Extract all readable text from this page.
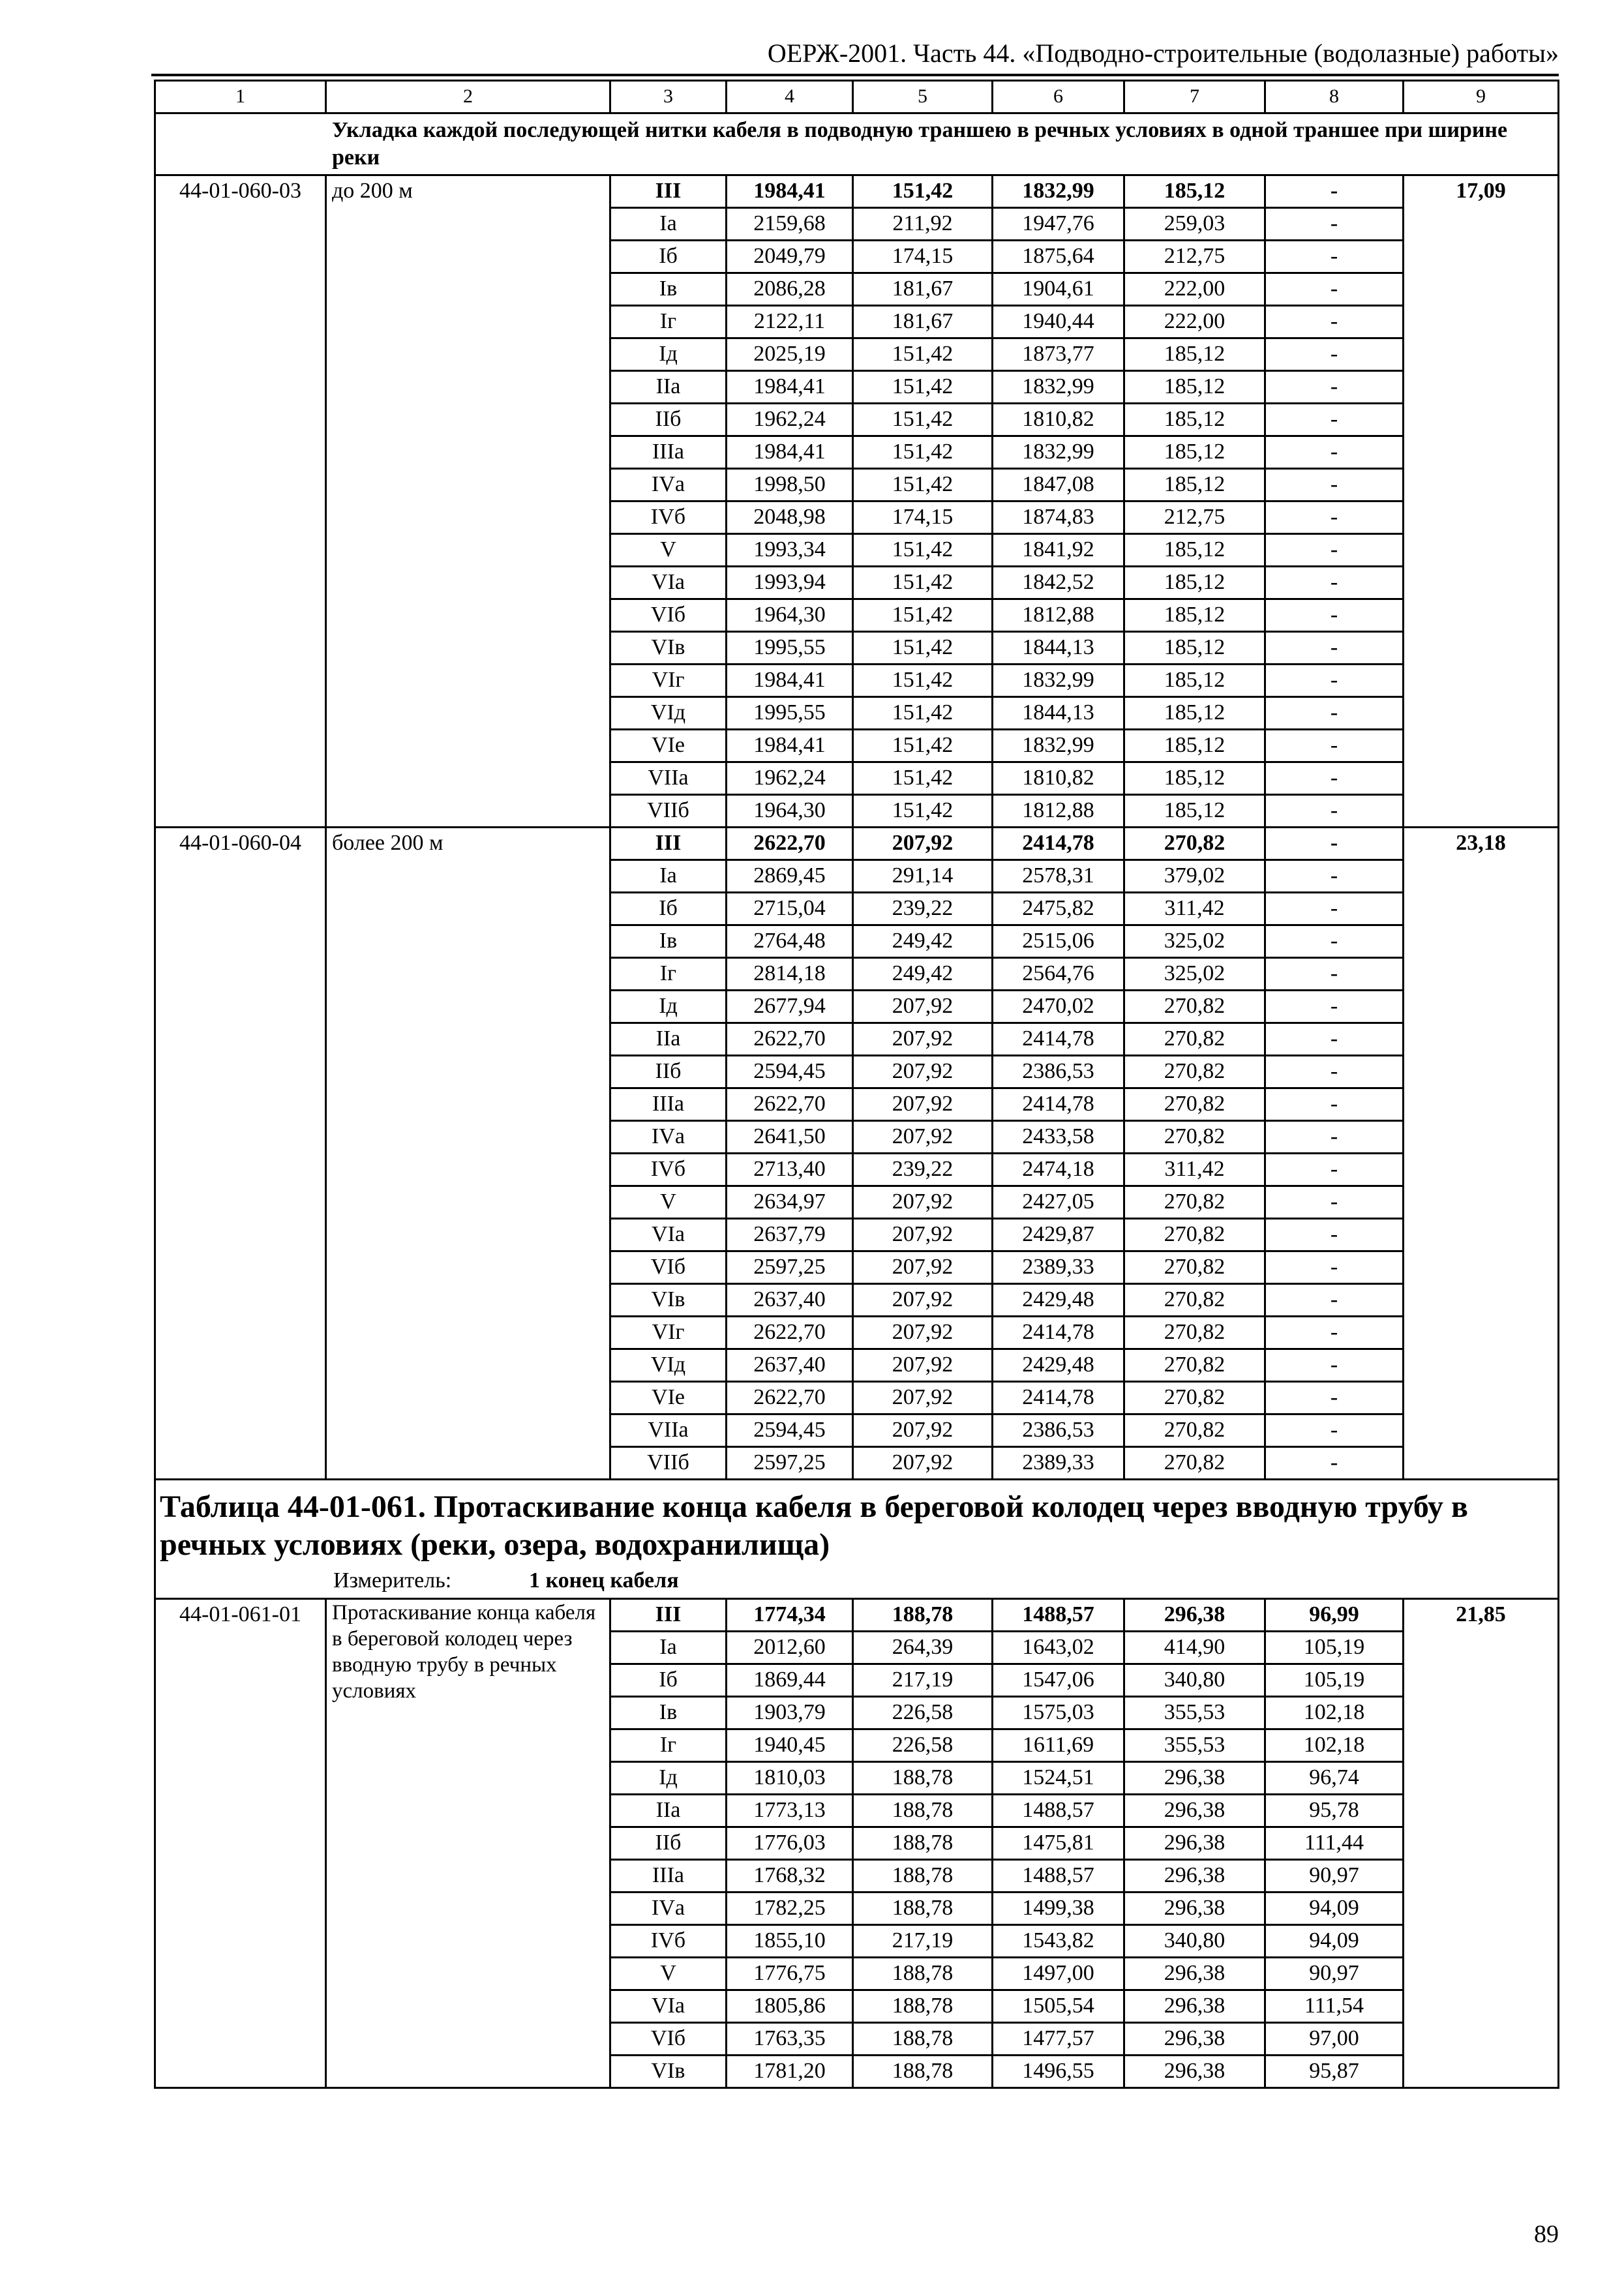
ОЕРЖ-2001. Часть 44. «Подводно-строительные (водолазные) работы»
1	2	3	4	5	6	7	8	9
Укладка каждой последующей нитки кабеля в подводную траншею в речных условиях в одной траншее при ширине реки								
44-01-060-03	до 200 м	III	1984,41	151,42	1832,99	185,12	-	17,09
		Iа	2159,68	211,92	1947,76	259,03	-	
		Iб	2049,79	174,15	1875,64	212,75	-	
		Iв	2086,28	181,67	1904,61	222,00	-	
		Iг	2122,11	181,67	1940,44	222,00	-	
		Iд	2025,19	151,42	1873,77	185,12	-	
		IIа	1984,41	151,42	1832,99	185,12	-	
		IIб	1962,24	151,42	1810,82	185,12	-	
		IIIа	1984,41	151,42	1832,99	185,12	-	
		IVа	1998,50	151,42	1847,08	185,12	-	
		IVб	2048,98	174,15	1874,83	212,75	-	
		V	1993,34	151,42	1841,92	185,12	-	
		VIа	1993,94	151,42	1842,52	185,12	-	
		VIб	1964,30	151,42	1812,88	185,12	-	
		VIв	1995,55	151,42	1844,13	185,12	-	
		VIг	1984,41	151,42	1832,99	185,12	-	
		VIд	1995,55	151,42	1844,13	185,12	-	
		VIе	1984,41	151,42	1832,99	185,12	-	
		VIIа	1962,24	151,42	1810,82	185,12	-	
		VIIб	1964,30	151,42	1812,88	185,12	-	
44-01-060-04	более 200 м	III	2622,70	207,92	2414,78	270,82	-	23,18
		Iа	2869,45	291,14	2578,31	379,02	-	
		Iб	2715,04	239,22	2475,82	311,42	-	
		Iв	2764,48	249,42	2515,06	325,02	-	
		Iг	2814,18	249,42	2564,76	325,02	-	
		Iд	2677,94	207,92	2470,02	270,82	-	
		IIа	2622,70	207,92	2414,78	270,82	-	
		IIб	2594,45	207,92	2386,53	270,82	-	
		IIIа	2622,70	207,92	2414,78	270,82	-	
		IVа	2641,50	207,92	2433,58	270,82	-	
		IVб	2713,40	239,22	2474,18	311,42	-	
		V	2634,97	207,92	2427,05	270,82	-	
		VIа	2637,79	207,92	2429,87	270,82	-	
		VIб	2597,25	207,92	2389,33	270,82	-	
		VIв	2637,40	207,92	2429,48	270,82	-	
		VIг	2622,70	207,92	2414,78	270,82	-	
		VIд	2637,40	207,92	2429,48	270,82	-	
		VIе	2622,70	207,92	2414,78	270,82	-	
		VIIа	2594,45	207,92	2386,53	270,82	-	
		VIIб	2597,25	207,92	2389,33	270,82	-	

Таблица 44-01-061. Протаскивание конца кабеля в береговой колодец через вводную трубу в речных условиях (реки, озера, водохранилища)
Измеритель: 1 конец кабеля								

44-01-061-01	Протаскивание конца кабеля в береговой колодец через вводную трубу в речных условиях	III	1774,34	188,78	1488,57	296,38	96,99	21,85
		Iа	2012,60	264,39	1643,02	414,90	105,19	
		Iб	1869,44	217,19	1547,06	340,80	105,19	
		Iв	1903,79	226,58	1575,03	355,53	102,18	
		Iг	1940,45	226,58	1611,69	355,53	102,18	
		Iд	1810,03	188,78	1524,51	296,38	96,74	
		IIа	1773,13	188,78	1488,57	296,38	95,78	
		IIб	1776,03	188,78	1475,81	296,38	111,44	
		IIIа	1768,32	188,78	1488,57	296,38	90,97	
		IVа	1782,25	188,78	1499,38	296,38	94,09	
		IVб	1855,10	217,19	1543,82	340,80	94,09	
		V	1776,75	188,78	1497,00	296,38	90,97	
		VIа	1805,86	188,78	1505,54	296,38	111,54	
		VIб	1763,35	188,78	1477,57	296,38	97,00	
		VIв	1781,20	188,78	1496,55	296,38	95,87	
89
